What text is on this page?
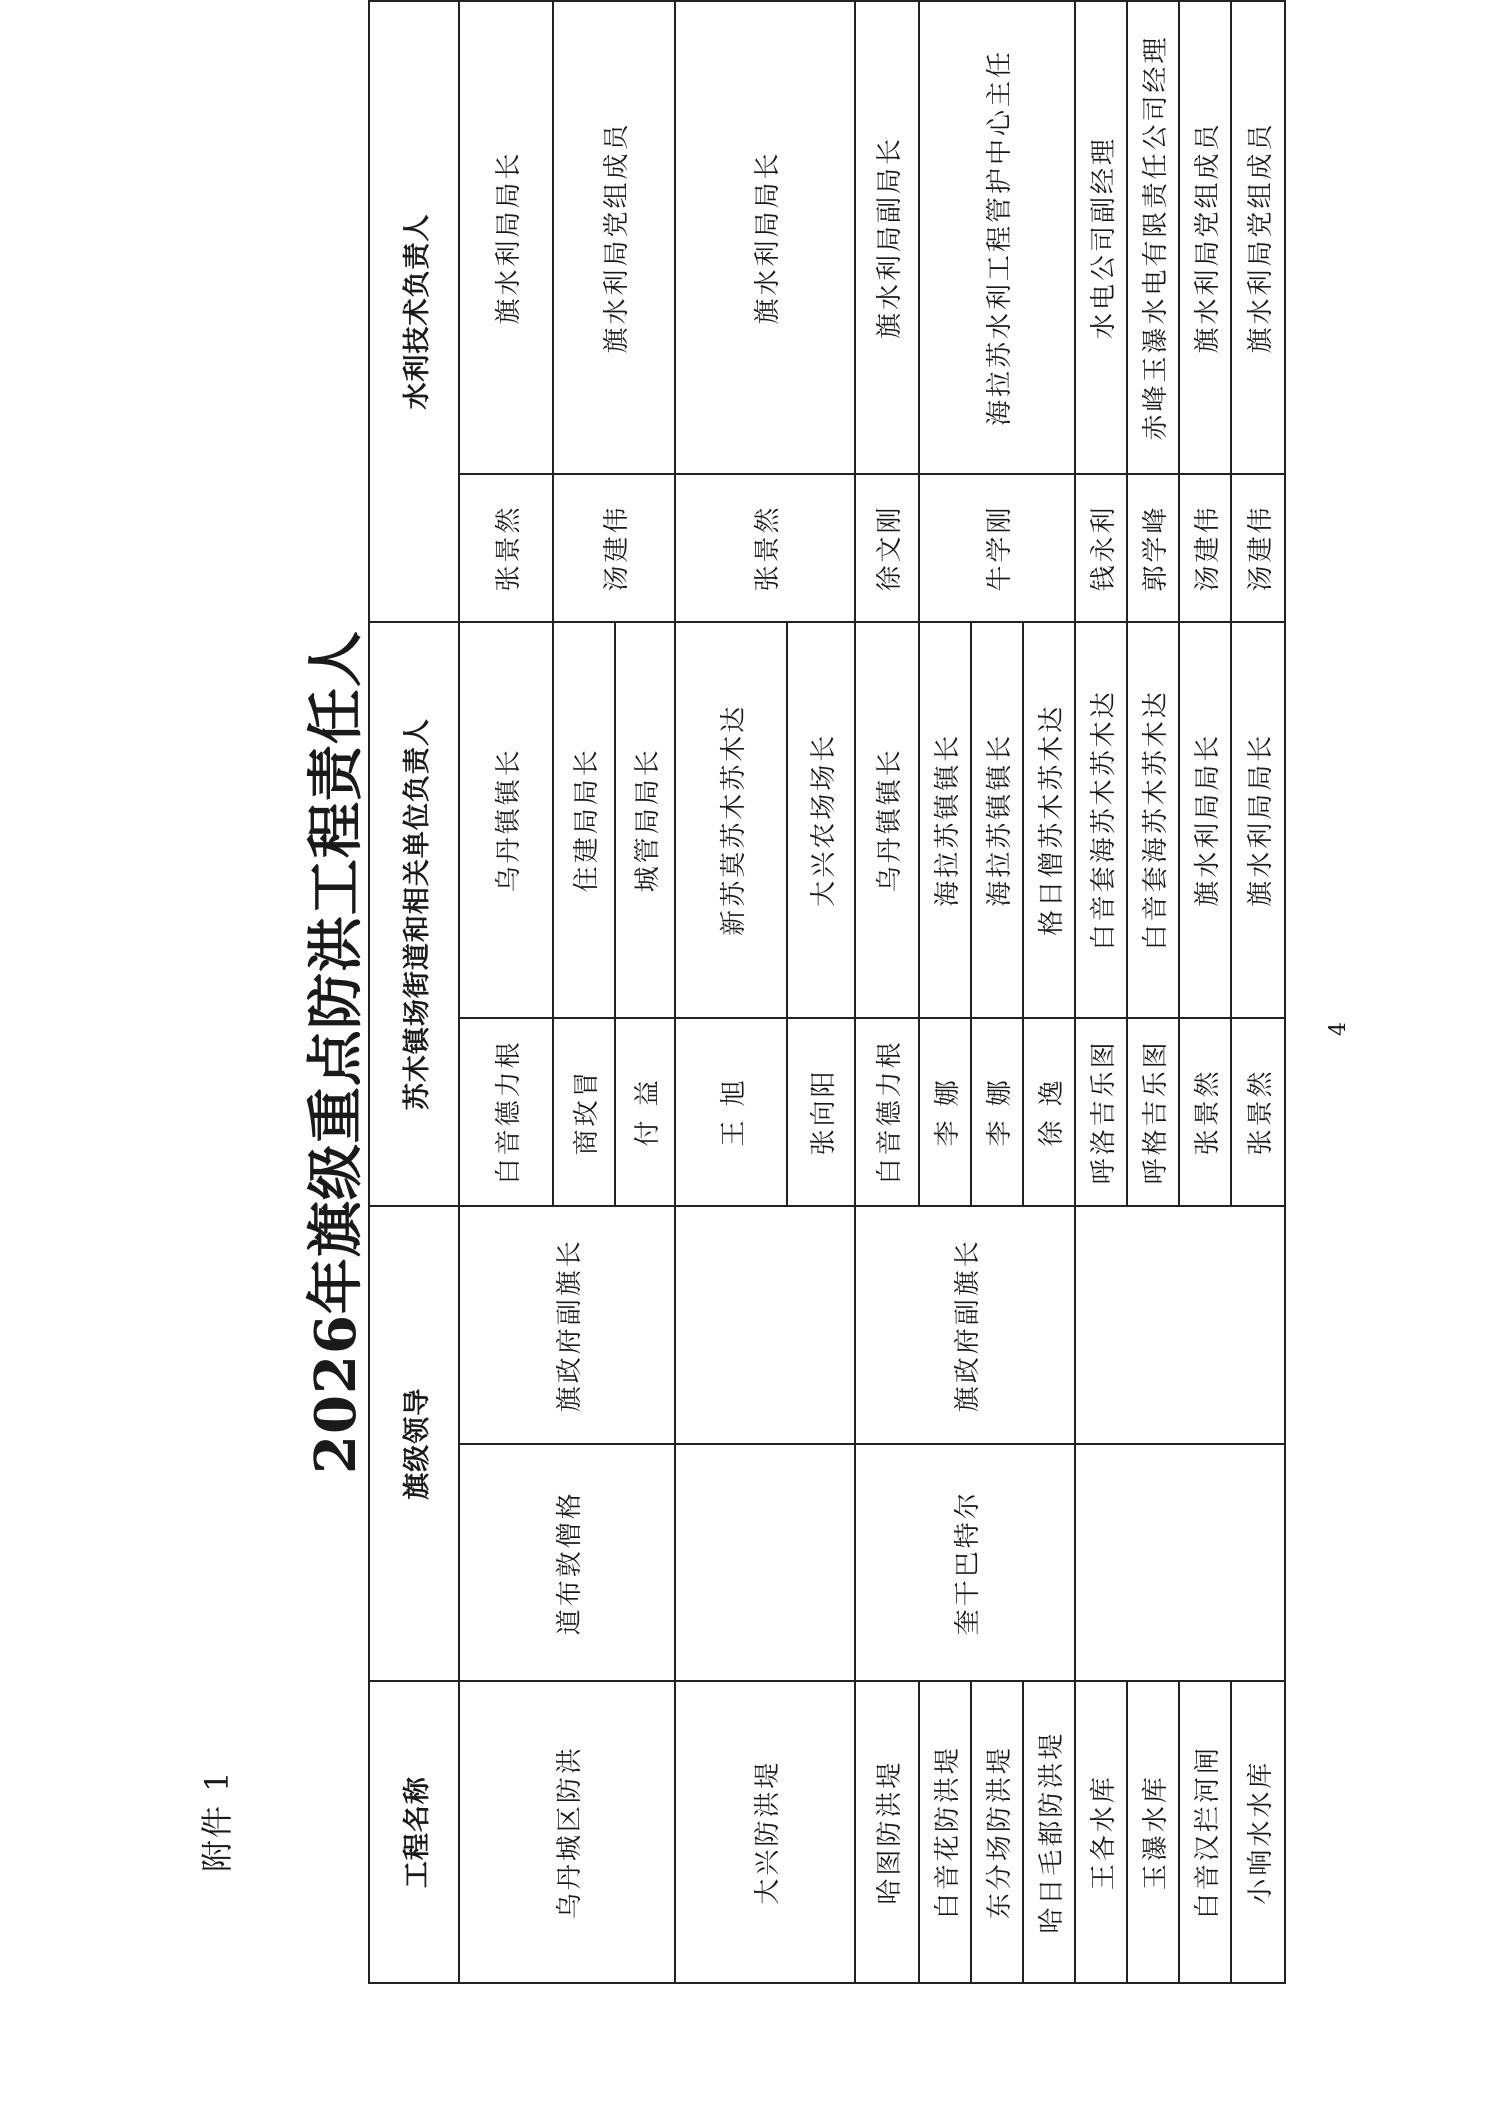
附件 1
2026年旗级重点防洪工程责任人
工程名称	旗级领导		苏木镇场街道和相关单位负责人		水利技术负责人	
乌丹城区防洪	道布敦僧格	旗政府副旗长	白音德力根	乌丹镇镇长	张景然	旗水利局局长
			商玫冒	住建局局长	汤建伟	旗水利局党组成员
			付 益	城管局局长		
大兴防洪堤			王 旭	新苏莫苏木苏木达	张景然	旗水利局局长
			张向阳	大兴农场场长		
哈图防洪堤	奎干巴特尔	旗政府副旗长	白音德力根	乌丹镇镇长	徐文刚	旗水利局副局长
白音花防洪堤			李 娜	海拉苏镇镇长	牛学刚	海拉苏水利工程管护中心主任
东分场防洪堤			李 娜	海拉苏镇镇长		
哈日毛都防洪堤			徐 逸	格日僧苏木苏木达		
王各水库			呼洛吉乐图	白音套海苏木苏木达	钱永利	水电公司副经理
玉瀑水库			呼格吉乐图	白音套海苏木苏木达	郭学峰	赤峰玉瀑水电有限责任公司经理
白音汉拦河闸			张景然	旗水利局局长	汤建伟	旗水利局党组成员
小响水水库			张景然	旗水利局局长	汤建伟	旗水利局党组成员
4
